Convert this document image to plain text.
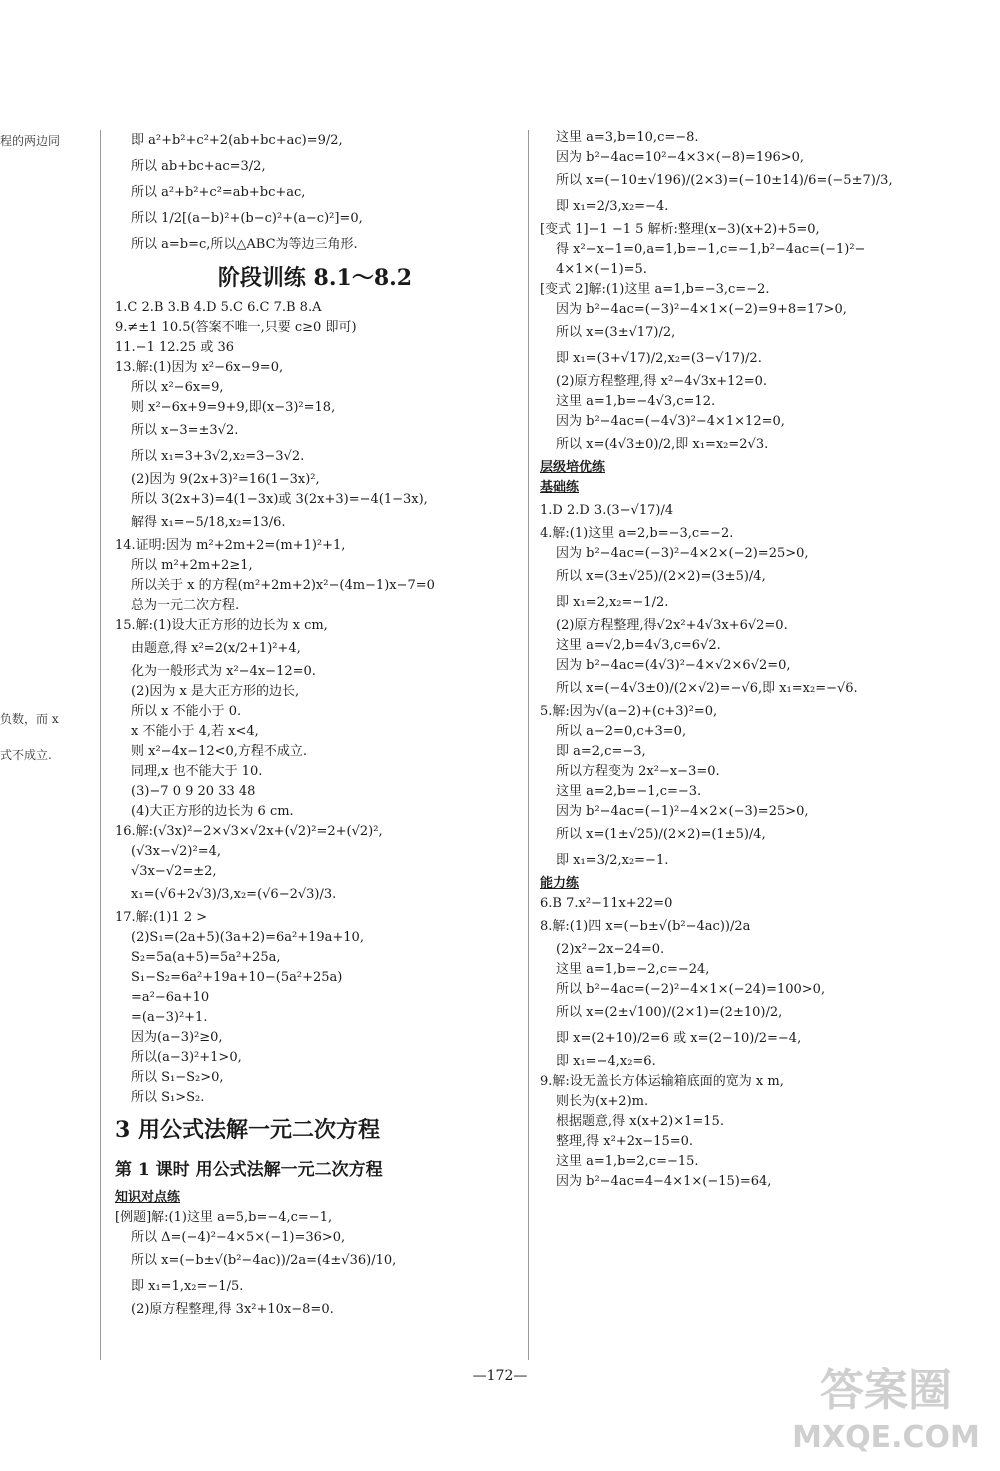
程的两边同
负数，而 x
式不成立.
即 a²+b²+c²+2(ab+bc+ac)=9/2,
所以 ab+bc+ac=3/2,
所以 a²+b²+c²=ab+bc+ac,
所以 1/2[(a−b)²+(b−c)²+(a−c)²]=0,
所以 a=b=c,所以△ABC为等边三角形.
阶段训练 8.1～8.2
1.C 2.B 3.B 4.D 5.C 6.C 7.B 8.A
9.≠±1 10.5(答案不唯一,只要 c≥0 即可)
11.−1 12.25 或 36
13.解:(1)因为 x²−6x−9=0,
所以 x²−6x=9,
则 x²−6x+9=9+9,即(x−3)²=18,
所以 x−3=±3√2.
所以 x₁=3+3√2,x₂=3−3√2.
(2)因为 9(2x+3)²=16(1−3x)²,
所以 3(2x+3)=4(1−3x)或 3(2x+3)=−4(1−3x),
解得 x₁=−5/18,x₂=13/6.
14.证明:因为 m²+2m+2=(m+1)²+1,
所以 m²+2m+2≥1,
所以关于 x 的方程(m²+2m+2)x²−(4m−1)x−7=0
总为一元二次方程.
15.解:(1)设大正方形的边长为 x cm,
由题意,得 x²=2(x/2+1)²+4,
化为一般形式为 x²−4x−12=0.
(2)因为 x 是大正方形的边长,
所以 x 不能小于 0.
x 不能小于 4,若 x<4,
则 x²−4x−12<0,方程不成立.
同理,x 也不能大于 10.
(3)−7 0 9 20 33 48
(4)大正方形的边长为 6 cm.
16.解:(√3x)²−2×√3×√2x+(√2)²=2+(√2)²,
(√3x−√2)²=4,
√3x−√2=±2,
x₁=(√6+2√3)/3,x₂=(√6−2√3)/3.
17.解:(1)1 2 >
(2)S₁=(2a+5)(3a+2)=6a²+19a+10,
S₂=5a(a+5)=5a²+25a,
S₁−S₂=6a²+19a+10−(5a²+25a)
=a²−6a+10
=(a−3)²+1.
因为(a−3)²≥0,
所以(a−3)²+1>0,
所以 S₁−S₂>0,
所以 S₁>S₂.
3 用公式法解一元二次方程
第 1 课时 用公式法解一元二次方程
知识对点练
[例题]解:(1)这里 a=5,b=−4,c=−1,
所以 Δ=(−4)²−4×5×(−1)=36>0,
所以 x=(−b±√(b²−4ac))/2a=(4±√36)/10,
即 x₁=1,x₂=−1/5.
(2)原方程整理,得 3x²+10x−8=0.
这里 a=3,b=10,c=−8.
因为 b²−4ac=10²−4×3×(−8)=196>0,
所以 x=(−10±√196)/(2×3)=(−10±14)/6=(−5±7)/3,
即 x₁=2/3,x₂=−4.
[变式 1]−1 −1 5 解析:整理(x−3)(x+2)+5=0,
得 x²−x−1=0,a=1,b=−1,c=−1,b²−4ac=(−1)²−
4×1×(−1)=5.
[变式 2]解:(1)这里 a=1,b=−3,c=−2.
因为 b²−4ac=(−3)²−4×1×(−2)=9+8=17>0,
所以 x=(3±√17)/2,
即 x₁=(3+√17)/2,x₂=(3−√17)/2.
(2)原方程整理,得 x²−4√3x+12=0.
这里 a=1,b=−4√3,c=12.
因为 b²−4ac=(−4√3)²−4×1×12=0,
所以 x=(4√3±0)/2,即 x₁=x₂=2√3.
层级培优练
基础练
1.D 2.D 3.(3−√17)/4
4.解:(1)这里 a=2,b=−3,c=−2.
因为 b²−4ac=(−3)²−4×2×(−2)=25>0,
所以 x=(3±√25)/(2×2)=(3±5)/4,
即 x₁=2,x₂=−1/2.
(2)原方程整理,得√2x²+4√3x+6√2=0.
这里 a=√2,b=4√3,c=6√2.
因为 b²−4ac=(4√3)²−4×√2×6√2=0,
所以 x=(−4√3±0)/(2×√2)=−√6,即 x₁=x₂=−√6.
5.解:因为√(a−2)+(c+3)²=0,
所以 a−2=0,c+3=0,
即 a=2,c=−3,
所以方程变为 2x²−x−3=0.
这里 a=2,b=−1,c=−3.
因为 b²−4ac=(−1)²−4×2×(−3)=25>0,
所以 x=(1±√25)/(2×2)=(1±5)/4,
即 x₁=3/2,x₂=−1.
能力练
6.B 7.x²−11x+22=0
8.解:(1)四 x=(−b±√(b²−4ac))/2a
(2)x²−2x−24=0.
这里 a=1,b=−2,c=−24,
所以 b²−4ac=(−2)²−4×1×(−24)=100>0,
所以 x=(2±√100)/(2×1)=(2±10)/2,
即 x=(2+10)/2=6 或 x=(2−10)/2=−4,
即 x₁=−4,x₂=6.
9.解:设无盖长方体运输箱底面的宽为 x m,
则长为(x+2)m.
根据题意,得 x(x+2)×1=15.
整理,得 x²+2x−15=0.
这里 a=1,b=2,c=−15.
因为 b²−4ac=4−4×1×(−15)=64,
—172—	答案圈
MXQE.COM
